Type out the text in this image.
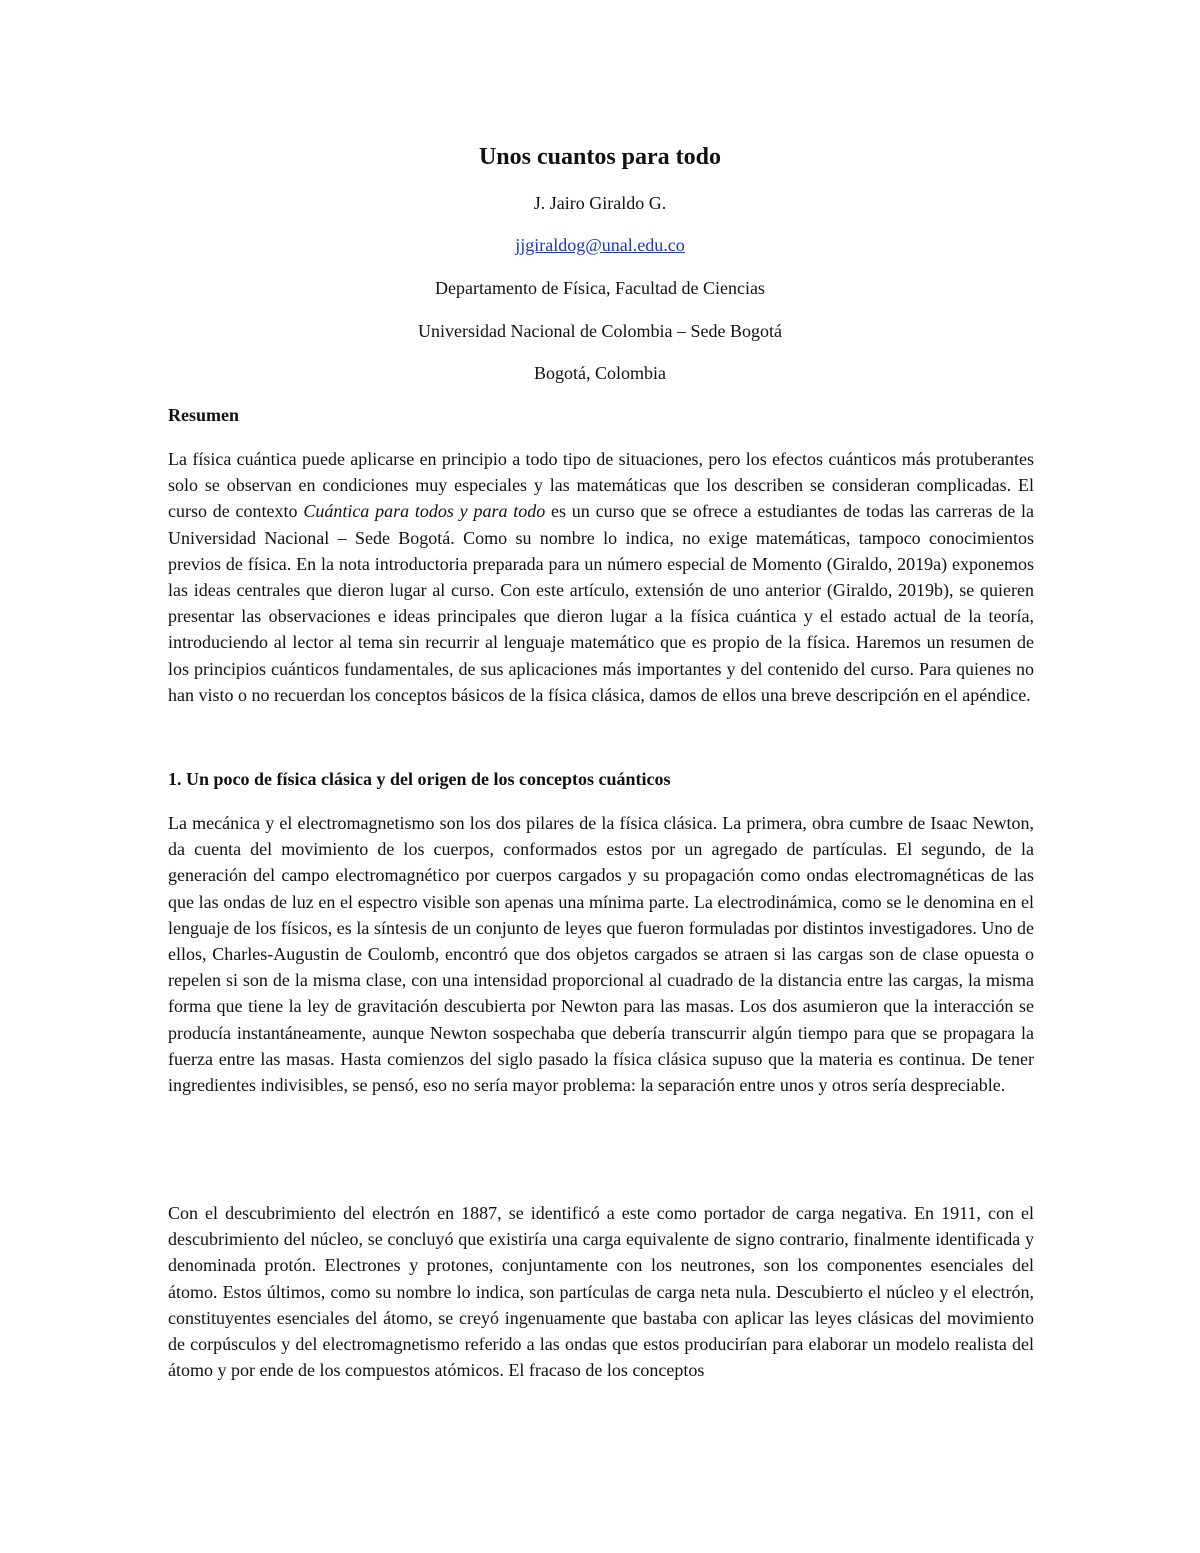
Unos cuantos para todo

J. Jairo Giraldo G.

jjgiraldog@unal.edu.co

Departamento de Física, Facultad de Ciencias

Universidad Nacional de Colombia – Sede Bogotá

Bogotá, Colombia

Resumen

La física cuántica puede aplicarse en principio a todo tipo de situaciones, pero los efectos cuánticos más protuberantes solo se observan en condiciones muy especiales y las matemáticas que los describen se consideran complicadas. El curso de contexto Cuántica para todos y para todo es un curso que se ofrece a estudiantes de todas las carreras de la Universidad Nacional – Sede Bogotá. Como su nombre lo indica, no exige matemáticas, tampoco conocimientos previos de física. En la nota introductoria preparada para un número especial de Momento (Giraldo, 2019a) exponemos las ideas centrales que dieron lugar al curso. Con este artículo, extensión de uno anterior (Giraldo, 2019b), se quieren presentar las observaciones e ideas principales que dieron lugar a la física cuántica y el estado actual de la teoría, introduciendo al lector al tema sin recurrir al lenguaje matemático que es propio de la física. Haremos un resumen de los principios cuánticos fundamentales, de sus aplicaciones más importantes y del contenido del curso. Para quienes no han visto o no recuerdan los conceptos básicos de la física clásica, damos de ellos una breve descripción en el apéndice.

1. Un poco de física clásica y del origen de los conceptos cuánticos

La mecánica y el electromagnetismo son los dos pilares de la física clásica. La primera, obra cumbre de Isaac Newton, da cuenta del movimiento de los cuerpos, conformados estos por un agregado de partículas. El segundo, de la generación del campo electromagnético por cuerpos cargados y su propagación como ondas electromagnéticas de las que las ondas de luz en el espectro visible son apenas una mínima parte. La electrodinámica, como se le denomina en el lenguaje de los físicos, es la síntesis de un conjunto de leyes que fueron formuladas por distintos investigadores. Uno de ellos, Charles-Augustin de Coulomb, encontró que dos objetos cargados se atraen si las cargas son de clase opuesta o repelen si son de la misma clase, con una intensidad proporcional al cuadrado de la distancia entre las cargas, la misma forma que tiene la ley de gravitación descubierta por Newton para las masas. Los dos asumieron que la interacción se producía instantáneamente, aunque Newton sospechaba que debería transcurrir algún tiempo para que se propagara la fuerza entre las masas. Hasta comienzos del siglo pasado la física clásica supuso que la materia es continua. De tener ingredientes indivisibles, se pensó, eso no sería mayor problema: la separación entre unos y otros sería despreciable.

Con el descubrimiento del electrón en 1887, se identificó a este como portador de carga negativa. En 1911, con el descubrimiento del núcleo, se concluyó que existiría una carga equivalente de signo contrario, finalmente identificada y denominada protón. Electrones y protones, conjuntamente con los neutrones, son los componentes esenciales del átomo. Estos últimos, como su nombre lo indica, son partículas de carga neta nula. Descubierto el núcleo y el electrón, constituyentes esenciales del átomo, se creyó ingenuamente que bastaba con aplicar las leyes clásicas del movimiento de corpúsculos y del electromagnetismo referido a las ondas que estos producirían para elaborar un modelo realista del átomo y por ende de los compuestos atómicos. El fracaso de los conceptos
